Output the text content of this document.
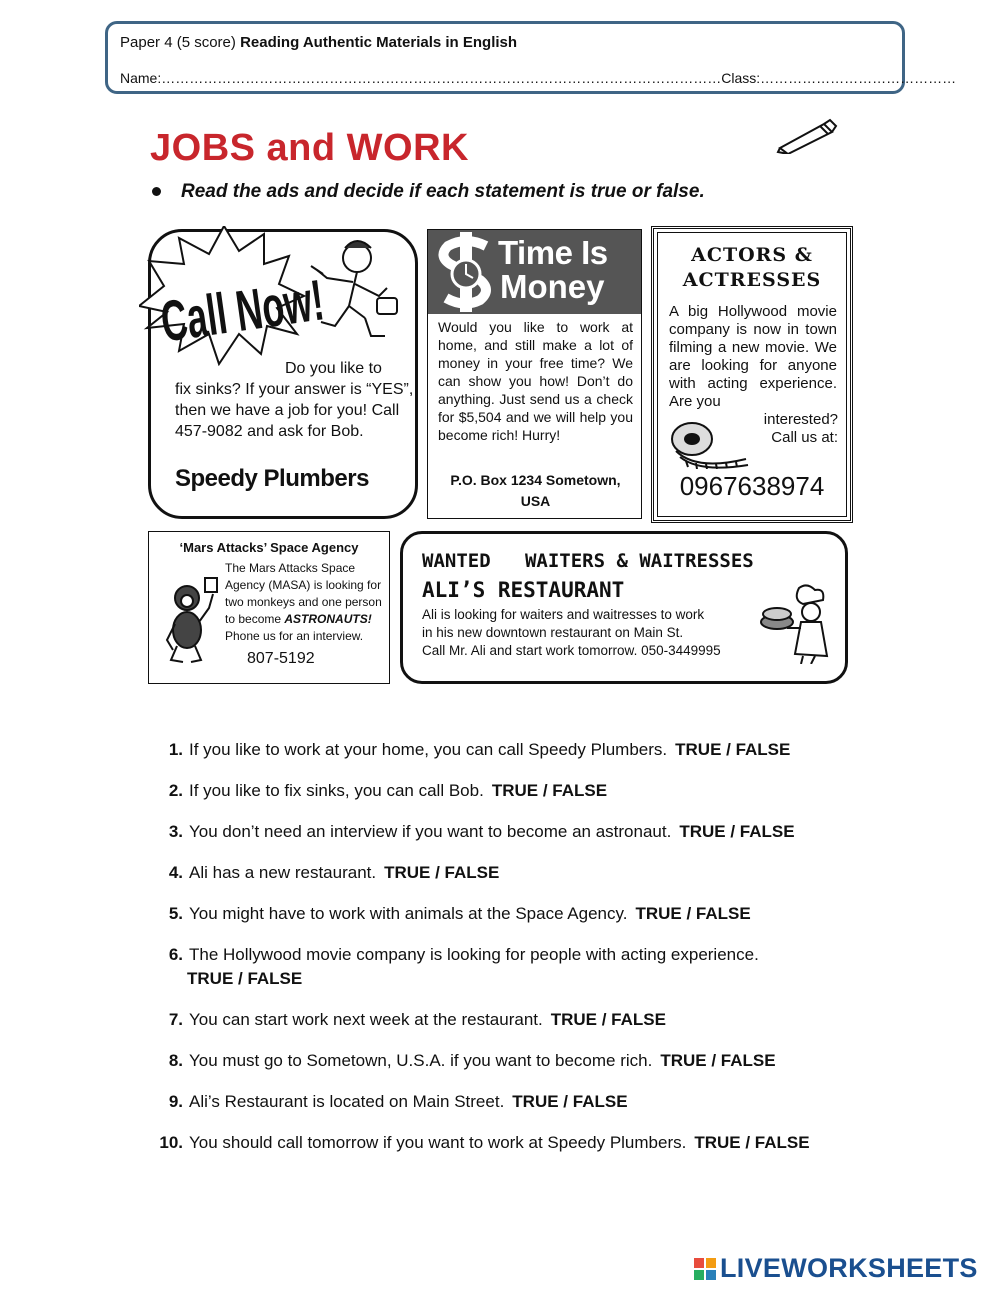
Paper 4 (5 score) Reading Authentic Materials in English
Name:…………………………………………………………………………………………………………Class:……………………………………
JOBS and WORK
Read the ads and decide if each statement is true or false.
Call Now!
Do you like to
fix sinks? If your answer is “YES”, then we have a job for you! Call 457-9082 and ask for Bob.
Speedy Plumbers
Time Is
Money
Would you like to work at home, and still make a lot of money in your free time? We can show you how! Don’t do anything. Just send us a check for $5,504 and we will help you become rich! Hurry!
P.O. Box 1234 Sometown,
USA
ACTORS &
ACTRESSES
A big Hollywood movie company is now in town filming a new movie. We are looking for anyone with acting experience. Are you
interested? Call us at:
0967638974
‘Mars Attacks’ Space Agency
The Mars Attacks Space Agency (MASA) is looking for two monkeys and one person to become ASTRONAUTS! Phone us for an interview.
807-5192
WANTED   WAITERS & WAITRESSES
ALI’S RESTAURANT
Ali is looking for waiters and waitresses to work
in his new downtown restaurant on Main St.
Call Mr. Ali and start work tomorrow. 050-3449995
1. If you like to work at your home, you can call Speedy Plumbers. TRUE / FALSE
2. If you like to fix sinks, you can call Bob. TRUE / FALSE
3. You don’t need an interview if you want to become an astronaut. TRUE / FALSE
4. Ali has a new restaurant. TRUE / FALSE
5. You might have to work with animals at the Space Agency. TRUE / FALSE
6. The Hollywood movie company is looking for people with acting experience.
TRUE / FALSE
7. You can start work next week at the restaurant. TRUE / FALSE
8. You must go to Sometown, U.S.A. if you want to become rich. TRUE / FALSE
9. Ali’s Restaurant is located on Main Street. TRUE / FALSE
10. You should call tomorrow if you want to work at Speedy Plumbers. TRUE / FALSE
LIVEWORKSHEETS
